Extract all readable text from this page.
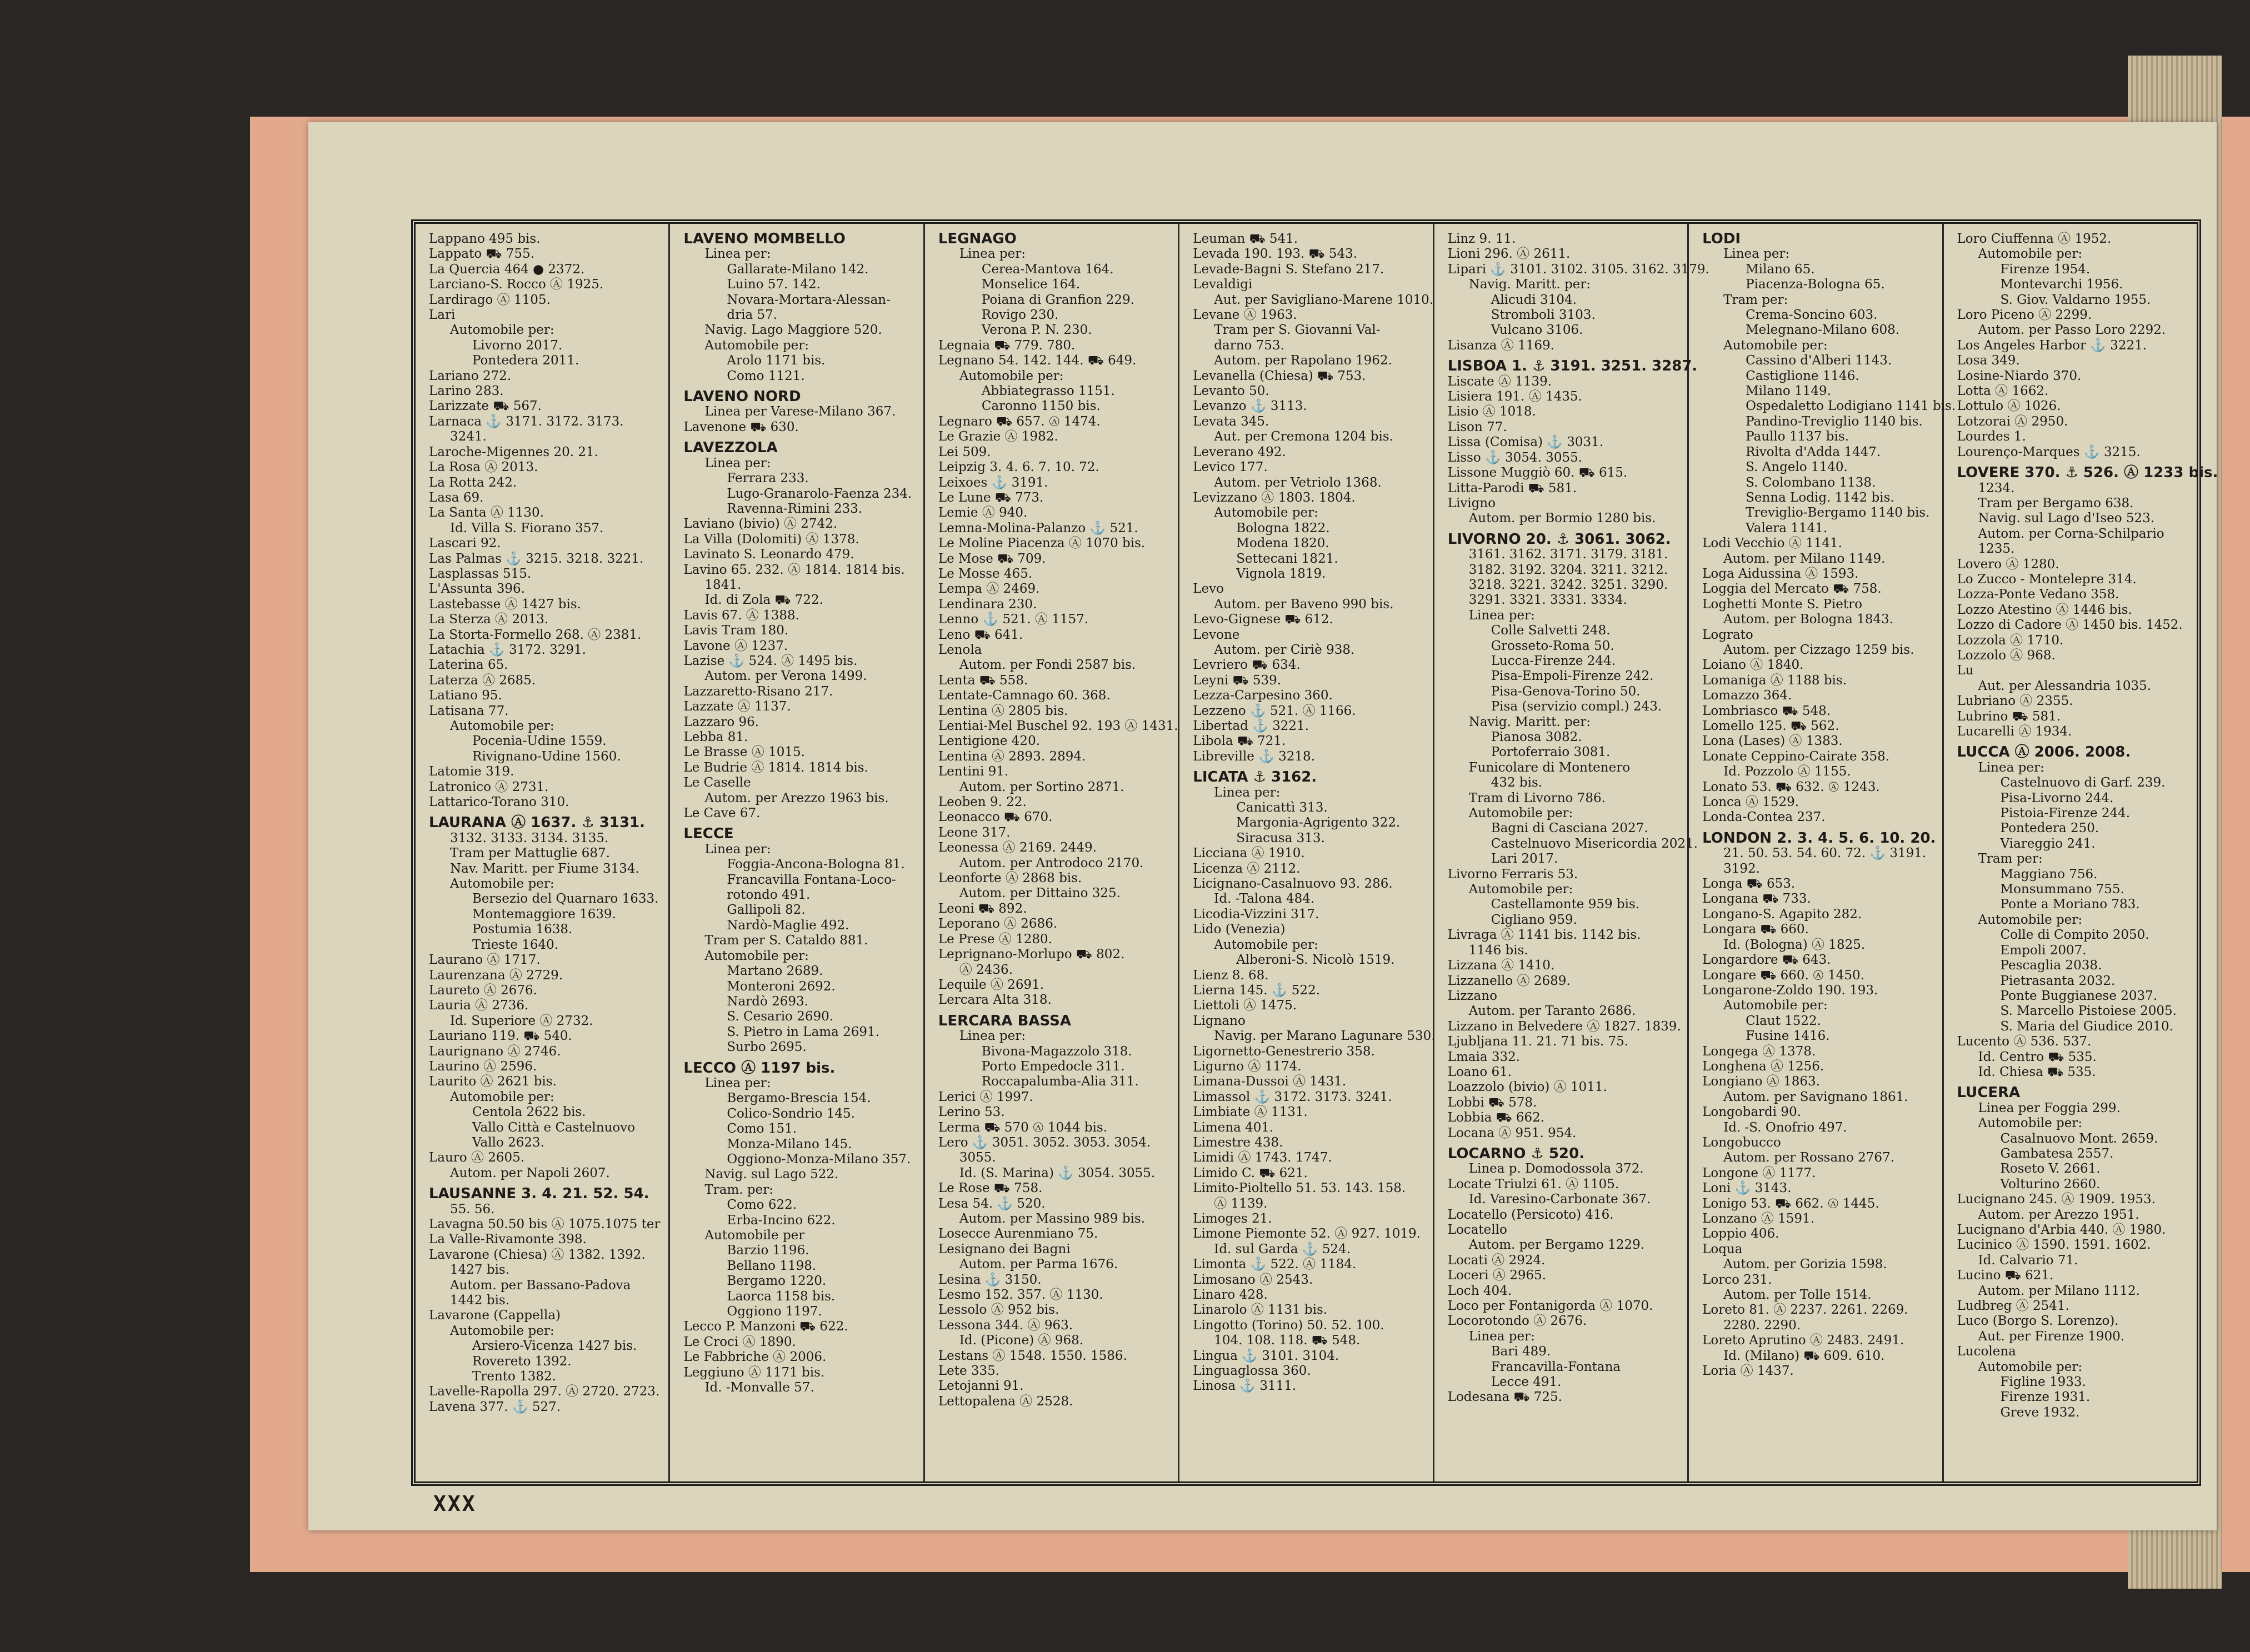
Lappano 495 bis.
Lappato ⛟ 755.
La Quercia 464 ● 2372.
Larciano-S. Rocco Ⓐ 1925.
Lardirago Ⓐ 1105.
Lari
Automobile per:
Livorno 2017.
Pontedera 2011.
Lariano 272.
Larino 283.
Larizzate ⛟ 567.
Larnaca ⚓ 3171. 3172. 3173.
3241.
Laroche-Migennes 20. 21.
La Rosa Ⓐ 2013.
La Rotta 242.
Lasa 69.
La Santa Ⓐ 1130.
Id. Villa S. Fiorano 357.
Lascari 92.
Las Palmas ⚓ 3215. 3218. 3221.
Lasplassas 515.
L'Assunta 396.
Lastebasse Ⓐ 1427 bis.
La Sterza Ⓐ 2013.
La Storta-Formello 268. Ⓐ 2381.
Latachia ⚓ 3172. 3291.
Laterina 65.
Laterza Ⓐ 2685.
Latiano 95.
Latisana 77.
Automobile per:
Pocenia-Udine 1559.
Rivignano-Udine 1560.
Latomie 319.
Latronico Ⓐ 2731.
Lattarico-Torano 310.
LAURANA Ⓐ 1637. ⚓ 3131.
3132. 3133. 3134. 3135.
Tram per Mattuglie 687.
Nav. Maritt. per Fiume 3134.
Automobile per:
Bersezio del Quarnaro 1633.
Montemaggiore 1639.
Postumia 1638.
Trieste 1640.
Laurano Ⓐ 1717.
Laurenzana Ⓐ 2729.
Laureto Ⓐ 2676.
Lauria Ⓐ 2736.
Id. Superiore Ⓐ 2732.
Lauriano 119. ⛟ 540.
Laurignano Ⓐ 2746.
Laurino Ⓐ 2596.
Laurito Ⓐ 2621 bis.
Automobile per:
Centola 2622 bis.
Vallo Città e Castelnuovo
Vallo 2623.
Lauro Ⓐ 2605.
Autom. per Napoli 2607.
LAUSANNE 3. 4. 21. 52. 54.
55. 56.
Lavagna 50.50 bis Ⓐ 1075.1075 ter
La Valle-Rivamonte 398.
Lavarone (Chiesa) Ⓐ 1382. 1392.
1427 bis.
Autom. per Bassano-Padova
1442 bis.
Lavarone (Cappella)
Automobile per:
Arsiero-Vicenza 1427 bis.
Rovereto 1392.
Trento 1382.
Lavelle-Rapolla 297. Ⓐ 2720. 2723.
Lavena 377. ⚓ 527.
LAVENO MOMBELLO
Linea per:
Gallarate-Milano 142.
Luino 57. 142.
Novara-Mortara-Alessan-
dria 57.
Navig. Lago Maggiore 520.
Automobile per:
Arolo 1171 bis.
Como 1121.
LAVENO NORD
Linea per Varese-Milano 367.
Lavenone ⛟ 630.
LAVEZZOLA
Linea per:
Ferrara 233.
Lugo-Granarolo-Faenza 234.
Ravenna-Rimini 233.
Laviano (bivio) Ⓐ 2742.
La Villa (Dolomiti) Ⓐ 1378.
Lavinato S. Leonardo 479.
Lavino 65. 232. Ⓐ 1814. 1814 bis.
1841.
Id. di Zola ⛟ 722.
Lavis 67. Ⓐ 1388.
Lavis Tram 180.
Lavone Ⓐ 1237.
Lazise ⚓ 524. Ⓐ 1495 bis.
Autom. per Verona 1499.
Lazzaretto-Risano 217.
Lazzate Ⓐ 1137.
Lazzaro 96.
Lebba 81.
Le Brasse Ⓐ 1015.
Le Budrie Ⓐ 1814. 1814 bis.
Le Caselle
Autom. per Arezzo 1963 bis.
Le Cave 67.
LECCE
Linea per:
Foggia-Ancona-Bologna 81.
Francavilla Fontana-Loco-
rotondo 491.
Gallipoli 82.
Nardò-Maglie 492.
Tram per S. Cataldo 881.
Automobile per:
Martano 2689.
Monteroni 2692.
Nardò 2693.
S. Cesario 2690.
S. Pietro in Lama 2691.
Surbo 2695.
LECCO Ⓐ 1197 bis.
Linea per:
Bergamo-Brescia 154.
Colico-Sondrio 145.
Como 151.
Monza-Milano 145.
Oggiono-Monza-Milano 357.
Navig. sul Lago 522.
Tram. per:
Como 622.
Erba-Incino 622.
Automobile per
Barzio 1196.
Bellano 1198.
Bergamo 1220.
Laorca 1158 bis.
Oggiono 1197.
Lecco P. Manzoni ⛟ 622.
Le Croci Ⓐ 1890.
Le Fabbriche Ⓐ 2006.
Leggiuno Ⓐ 1171 bis.
Id. -Monvalle 57.
LEGNAGO
Linea per:
Cerea-Mantova 164.
Monselice 164.
Poiana di Granfion 229.
Rovigo 230.
Verona P. N. 230.
Legnaia ⛟ 779. 780.
Legnano 54. 142. 144. ⛟ 649.
Automobile per:
Abbiategrasso 1151.
Caronno 1150 bis.
Legnaro ⛟ 657. Ⓐ 1474.
Le Grazie Ⓐ 1982.
Lei 509.
Leipzig 3. 4. 6. 7. 10. 72.
Leixoes ⚓ 3191.
Le Lune ⛟ 773.
Lemie Ⓐ 940.
Lemna-Molina-Palanzo ⚓ 521.
Le Moline Piacenza Ⓐ 1070 bis.
Le Mose ⛟ 709.
Le Mosse 465.
Lempa Ⓐ 2469.
Lendinara 230.
Lenno ⚓ 521. Ⓐ 1157.
Leno ⛟ 641.
Lenola
Autom. per Fondi 2587 bis.
Lenta ⛟ 558.
Lentate-Camnago 60. 368.
Lentina Ⓐ 2805 bis.
Lentiai-Mel Buschel 92. 193 Ⓐ 1431.
Lentigione 420.
Lentina Ⓐ 2893. 2894.
Lentini 91.
Autom. per Sortino 2871.
Leoben 9. 22.
Leonacco ⛟ 670.
Leone 317.
Leonessa Ⓐ 2169. 2449.
Autom. per Antrodoco 2170.
Leonforte Ⓐ 2868 bis.
Autom. per Dittaino 325.
Leoni ⛟ 892.
Leporano Ⓐ 2686.
Le Prese Ⓐ 1280.
Leprignano-Morlupo ⛟ 802.
Ⓐ 2436.
Lequile Ⓐ 2691.
Lercara Alta 318.
LERCARA BASSA
Linea per:
Bivona-Magazzolo 318.
Porto Empedocle 311.
Roccapalumba-Alia 311.
Lerici Ⓐ 1997.
Lerino 53.
Lerma ⛟ 570 Ⓐ 1044 bis.
Lero ⚓ 3051. 3052. 3053. 3054.
3055.
Id. (S. Marina) ⚓ 3054. 3055.
Le Rose ⛟ 758.
Lesa 54. ⚓ 520.
Autom. per Massino 989 bis.
Losecce Aurenmiano 75.
Lesignano dei Bagni
Autom. per Parma 1676.
Lesina ⚓ 3150.
Lesmo 152. 357. Ⓐ 1130.
Lessolo Ⓐ 952 bis.
Lessona 344. Ⓐ 963.
Id. (Picone) Ⓐ 968.
Lestans Ⓐ 1548. 1550. 1586.
Lete 335.
Letojanni 91.
Lettopalena Ⓐ 2528.
Leuman ⛟ 541.
Levada 190. 193. ⛟ 543.
Levade-Bagni S. Stefano 217.
Levaldigi
Aut. per Savigliano-Marene 1010.
Levane Ⓐ 1963.
Tram per S. Giovanni Val-
darno 753.
Autom. per Rapolano 1962.
Levanella (Chiesa) ⛟ 753.
Levanto 50.
Levanzo ⚓ 3113.
Levata 345.
Aut. per Cremona 1204 bis.
Leverano 492.
Levico 177.
Autom. per Vetriolo 1368.
Levizzano Ⓐ 1803. 1804.
Automobile per:
Bologna 1822.
Modena 1820.
Settecani 1821.
Vignola 1819.
Levo
Autom. per Baveno 990 bis.
Levo-Gignese ⛟ 612.
Levone
Autom. per Ciriè 938.
Levriero ⛟ 634.
Leyni ⛟ 539.
Lezza-Carpesino 360.
Lezzeno ⚓ 521. Ⓐ 1166.
Libertad ⚓ 3221.
Libola ⛟ 721.
Libreville ⚓ 3218.
LICATA ⚓ 3162.
Linea per:
Canicattì 313.
Margonia-Agrigento 322.
Siracusa 313.
Licciana Ⓐ 1910.
Licenza Ⓐ 2112.
Licignano-Casalnuovo 93. 286.
Id. -Talona 484.
Licodia-Vizzini 317.
Lido (Venezia)
Automobile per:
Alberoni-S. Nicolò 1519.
Lienz 8. 68.
Lierna 145. ⚓ 522.
Liettoli Ⓐ 1475.
Lignano
Navig. per Marano Lagunare 530.
Ligornetto-Genestrerio 358.
Ligurno Ⓐ 1174.
Limana-Dussoi Ⓐ 1431.
Limassol ⚓ 3172. 3173. 3241.
Limbiate Ⓐ 1131.
Limena 401.
Limestre 438.
Limidi Ⓐ 1743. 1747.
Limido C. ⛟ 621.
Limito-Pioltello 51. 53. 143. 158.
Ⓐ 1139.
Limoges 21.
Limone Piemonte 52. Ⓐ 927. 1019.
Id. sul Garda ⚓ 524.
Limonta ⚓ 522. Ⓐ 1184.
Limosano Ⓐ 2543.
Linaro 428.
Linarolo Ⓐ 1131 bis.
Lingotto (Torino) 50. 52. 100.
104. 108. 118. ⛟ 548.
Lingua ⚓ 3101. 3104.
Linguaglossa 360.
Linosa ⚓ 3111.
Linz 9. 11.
Lioni 296. Ⓐ 2611.
Lipari ⚓ 3101. 3102. 3105. 3162. 3179.
Navig. Maritt. per:
Alicudi 3104.
Stromboli 3103.
Vulcano 3106.
Lisanza Ⓐ 1169.
LISBOA 1. ⚓ 3191. 3251. 3287.
Liscate Ⓐ 1139.
Lisiera 191. Ⓐ 1435.
Lisio Ⓐ 1018.
Lison 77.
Lissa (Comisa) ⚓ 3031.
Lisso ⚓ 3054. 3055.
Lissone Muggiò 60. ⛟ 615.
Litta-Parodi ⛟ 581.
Livigno
Autom. per Bormio 1280 bis.
LIVORNO 20. ⚓ 3061. 3062.
3161. 3162. 3171. 3179. 3181.
3182. 3192. 3204. 3211. 3212.
3218. 3221. 3242. 3251. 3290.
3291. 3321. 3331. 3334.
Linea per:
Colle Salvetti 248.
Grosseto-Roma 50.
Lucca-Firenze 244.
Pisa-Empoli-Firenze 242.
Pisa-Genova-Torino 50.
Pisa (servizio compl.) 243.
Navig. Maritt. per:
Pianosa 3082.
Portoferraio 3081.
Funicolare di Montenero
432 bis.
Tram di Livorno 786.
Automobile per:
Bagni di Casciana 2027.
Castelnuovo Misericordia 2021.
Lari 2017.
Livorno Ferraris 53.
Automobile per:
Castellamonte 959 bis.
Cigliano 959.
Livraga Ⓐ 1141 bis. 1142 bis.
1146 bis.
Lizzana Ⓐ 1410.
Lizzanello Ⓐ 2689.
Lizzano
Autom. per Taranto 2686.
Lizzano in Belvedere Ⓐ 1827. 1839.
Ljubljana 11. 21. 71 bis. 75.
Lmaia 332.
Loano 61.
Loazzolo (bivio) Ⓐ 1011.
Lobbi ⛟ 578.
Lobbia ⛟ 662.
Locana Ⓐ 951. 954.
LOCARNO ⚓ 520.
Linea p. Domodossola 372.
Locate Triulzi 61. Ⓐ 1105.
Id. Varesino-Carbonate 367.
Locatello (Persicoto) 416.
Locatello
Autom. per Bergamo 1229.
Locati Ⓐ 2924.
Loceri Ⓐ 2965.
Loch 404.
Loco per Fontanigorda Ⓐ 1070.
Locorotondo Ⓐ 2676.
Linea per:
Bari 489.
Francavilla-Fontana
Lecce 491.
Lodesana ⛟ 725.
LODI
Linea per:
Milano 65.
Piacenza-Bologna 65.
Tram per:
Crema-Soncino 603.
Melegnano-Milano 608.
Automobile per:
Cassino d'Alberi 1143.
Castiglione 1146.
Milano 1149.
Ospedaletto Lodigiano 1141 bis.
Pandino-Treviglio 1140 bis.
Paullo 1137 bis.
Rivolta d'Adda 1447.
S. Angelo 1140.
S. Colombano 1138.
Senna Lodig. 1142 bis.
Treviglio-Bergamo 1140 bis.
Valera 1141.
Lodi Vecchio Ⓐ 1141.
Autom. per Milano 1149.
Loga Aidussina Ⓐ 1593.
Loggia del Mercato ⛟ 758.
Loghetti Monte S. Pietro
Autom. per Bologna 1843.
Lograto
Autom. per Cizzago 1259 bis.
Loiano Ⓐ 1840.
Lomaniga Ⓐ 1188 bis.
Lomazzo 364.
Lombriasco ⛟ 548.
Lomello 125. ⛟ 562.
Lona (Lases) Ⓐ 1383.
Lonate Ceppino-Cairate 358.
Id. Pozzolo Ⓐ 1155.
Lonato 53. ⛟ 632. Ⓐ 1243.
Lonca Ⓐ 1529.
Londa-Contea 237.
LONDON 2. 3. 4. 5. 6. 10. 20.
21. 50. 53. 54. 60. 72. ⚓ 3191.
3192.
Longa ⛟ 653.
Longana ⛟ 733.
Longano-S. Agapito 282.
Longara ⛟ 660.
Id. (Bologna) Ⓐ 1825.
Longardore ⛟ 643.
Longare ⛟ 660. Ⓐ 1450.
Longarone-Zoldo 190. 193.
Automobile per:
Claut 1522.
Fusine 1416.
Longega Ⓐ 1378.
Longhena Ⓐ 1256.
Longiano Ⓐ 1863.
Autom. per Savignano 1861.
Longobardi 90.
Id. -S. Onofrio 497.
Longobucco
Autom. per Rossano 2767.
Longone Ⓐ 1177.
Loni ⚓ 3143.
Lonigo 53. ⛟ 662. Ⓐ 1445.
Lonzano Ⓐ 1591.
Loppio 406.
Loqua
Autom. per Gorizia 1598.
Lorco 231.
Autom. per Tolle 1514.
Loreto 81. Ⓐ 2237. 2261. 2269.
2280. 2290.
Loreto Aprutino Ⓐ 2483. 2491.
Id. (Milano) ⛟ 609. 610.
Loria Ⓐ 1437.
Loro Ciuffenna Ⓐ 1952.
Automobile per:
Firenze 1954.
Montevarchi 1956.
S. Giov. Valdarno 1955.
Loro Piceno Ⓐ 2299.
Autom. per Passo Loro 2292.
Los Angeles Harbor ⚓ 3221.
Losa 349.
Losine-Niardo 370.
Lotta Ⓐ 1662.
Lottulo Ⓐ 1026.
Lotzorai Ⓐ 2950.
Lourdes 1.
Lourenço-Marques ⚓ 3215.
LOVERE 370. ⚓ 526. Ⓐ 1233 bis.
1234.
Tram per Bergamo 638.
Navig. sul Lago d'Iseo 523.
Autom. per Corna-Schilpario
1235.
Lovero Ⓐ 1280.
Lo Zucco - Montelepre 314.
Lozza-Ponte Vedano 358.
Lozzo Atestino Ⓐ 1446 bis.
Lozzo di Cadore Ⓐ 1450 bis. 1452.
Lozzola Ⓐ 1710.
Lozzolo Ⓐ 968.
Lu
Aut. per Alessandria 1035.
Lubriano Ⓐ 2355.
Lubrino ⛟ 581.
Lucarelli Ⓐ 1934.
LUCCA Ⓐ 2006. 2008.
Linea per:
Castelnuovo di Garf. 239.
Pisa-Livorno 244.
Pistoia-Firenze 244.
Pontedera 250.
Viareggio 241.
Tram per:
Maggiano 756.
Monsummano 755.
Ponte a Moriano 783.
Automobile per:
Colle di Compito 2050.
Empoli 2007.
Pescaglia 2038.
Pietrasanta 2032.
Ponte Buggianese 2037.
S. Marcello Pistoiese 2005.
S. Maria del Giudice 2010.
Lucento Ⓐ 536. 537.
Id. Centro ⛟ 535.
Id. Chiesa ⛟ 535.
LUCERA
Linea per Foggia 299.
Automobile per:
Casalnuovo Mont. 2659.
Gambatesa 2557.
Roseto V. 2661.
Volturino 2660.
Lucignano 245. Ⓐ 1909. 1953.
Autom. per Arezzo 1951.
Lucignano d'Arbia 440. Ⓐ 1980.
Lucinico Ⓐ 1590. 1591. 1602.
Id. Calvario 71.
Lucino ⛟ 621.
Autom. per Milano 1112.
Ludbreg Ⓐ 2541.
Luco (Borgo S. Lorenzo).
Aut. per Firenze 1900.
Lucolena
Automobile per:
Figline 1933.
Firenze 1931.
Greve 1932.
XXX
